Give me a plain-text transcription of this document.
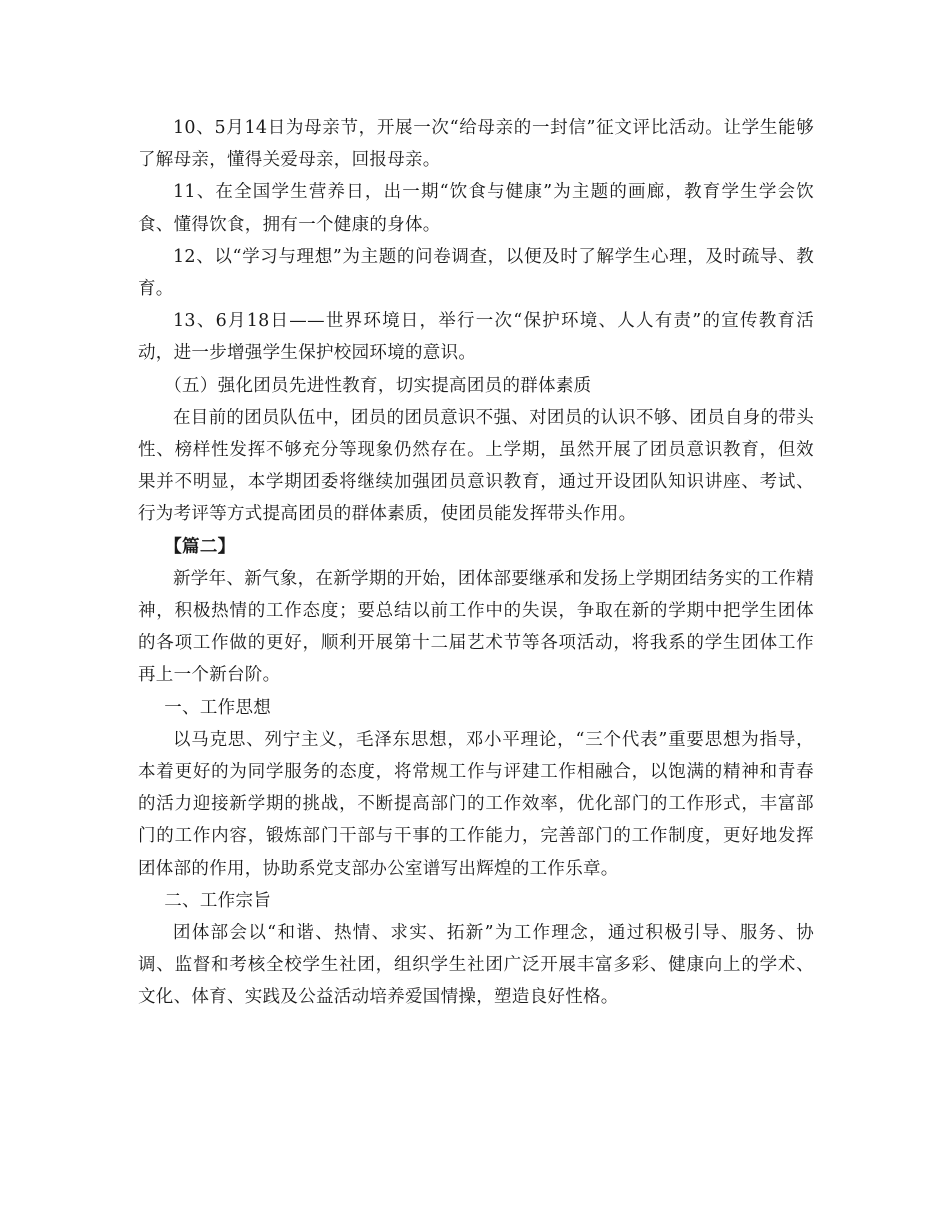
10、5月14日为母亲节，开展一次“给母亲的一封信”征文评比活动。让学生能够了解母亲，懂得关爱母亲，回报母亲。

11、在全国学生营养日，出一期“饮食与健康”为主题的画廊，教育学生学会饮食、懂得饮食，拥有一个健康的身体。

12、以“学习与理想”为主题的问卷调查，以便及时了解学生心理，及时疏导、教育。

13、6月18日——世界环境日，举行一次“保护环境、人人有责”的宣传教育活动，进一步增强学生保护校园环境的意识。

（五）强化团员先进性教育，切实提高团员的群体素质

在目前的团员队伍中，团员的团员意识不强、对团员的认识不够、团员自身的带头性、榜样性发挥不够充分等现象仍然存在。上学期，虽然开展了团员意识教育，但效果并不明显，本学期团委将继续加强团员意识教育，通过开设团队知识讲座、考试、行为考评等方式提高团员的群体素质，使团员能发挥带头作用。

【篇二】

新学年、新气象，在新学期的开始，团体部要继承和发扬上学期团结务实的工作精神，积极热情的工作态度；要总结以前工作中的失误，争取在新的学期中把学生团体的各项工作做的更好，顺利开展第十二届艺术节等各项活动，将我系的学生团体工作再上一个新台阶。

一、工作思想

以马克思、列宁主义，毛泽东思想，邓小平理论，“三个代表”重要思想为指导，本着更好的为同学服务的态度，将常规工作与评建工作相融合，以饱满的精神和青春的活力迎接新学期的挑战，不断提高部门的工作效率，优化部门的工作形式，丰富部门的工作内容，锻炼部门干部与干事的工作能力，完善部门的工作制度，更好地发挥团体部的作用，协助系党支部办公室谱写出辉煌的工作乐章。

二、工作宗旨

团体部会以“和谐、热情、求实、拓新”为工作理念，通过积极引导、服务、协调、监督和考核全校学生社团，组织学生社团广泛开展丰富多彩、健康向上的学术、文化、体育、实践及公益活动培养爱国情操，塑造良好性格。
